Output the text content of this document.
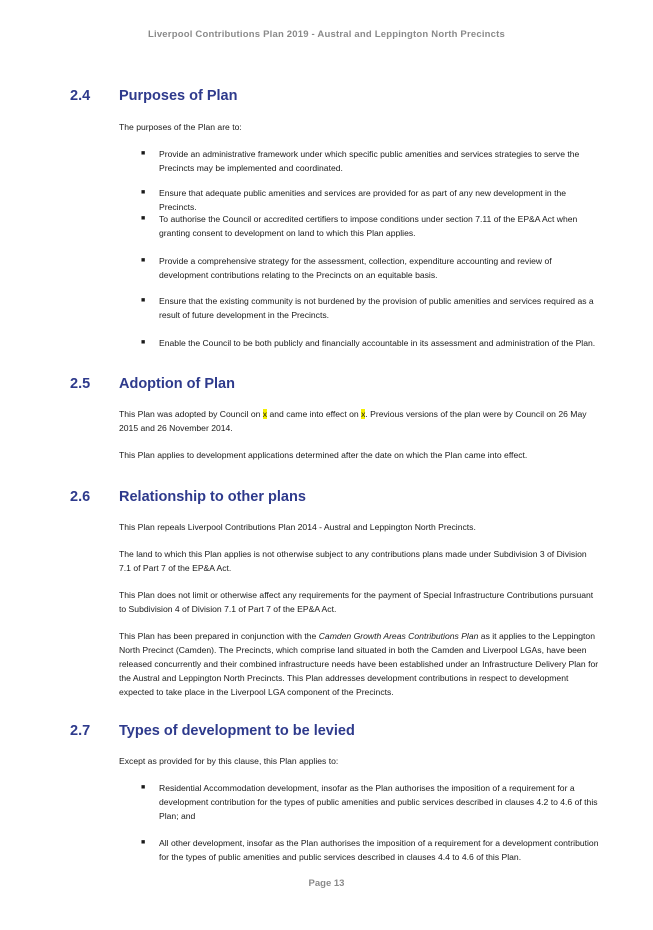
Liverpool Contributions Plan 2019 - Austral and Leppington North Precincts
2.4 Purposes of Plan
The purposes of the Plan are to:
■ Provide an administrative framework under which specific public amenities and services strategies to serve the Precincts may be implemented and coordinated.
■ Ensure that adequate public amenities and services are provided for as part of any new development in the Precincts.
■ To authorise the Council or accredited certifiers to impose conditions under section 7.11 of the EP&A Act when granting consent to development on land to which this Plan applies.
■ Provide a comprehensive strategy for the assessment, collection, expenditure accounting and review of development contributions relating to the Precincts on an equitable basis.
■ Ensure that the existing community is not burdened by the provision of public amenities and services required as a result of future development in the Precincts.
■ Enable the Council to be both publicly and financially accountable in its assessment and administration of the Plan.
2.5 Adoption of Plan
This Plan was adopted by Council on x and came into effect on x. Previous versions of the plan were by Council on 26 May 2015 and 26 November 2014.
This Plan applies to development applications determined after the date on which the Plan came into effect.
2.6 Relationship to other plans
This Plan repeals Liverpool Contributions Plan 2014 - Austral and Leppington North Precincts.
The land to which this Plan applies is not otherwise subject to any contributions plans made under Subdivision 3 of Division 7.1 of Part 7 of the EP&A Act.
This Plan does not limit or otherwise affect any requirements for the payment of Special Infrastructure Contributions pursuant to Subdivision 4 of Division 7.1 of Part 7 of the EP&A Act.
This Plan has been prepared in conjunction with the Camden Growth Areas Contributions Plan as it applies to the Leppington North Precinct (Camden). The Precincts, which comprise land situated in both the Camden and Liverpool LGAs, have been released concurrently and their combined infrastructure needs have been established under an Infrastructure Delivery Plan for the Austral and Leppington North Precincts. This Plan addresses development contributions in respect to development expected to take place in the Liverpool LGA component of the Precincts.
2.7 Types of development to be levied
Except as provided for by this clause, this Plan applies to:
■ Residential Accommodation development, insofar as the Plan authorises the imposition of a requirement for a development contribution for the types of public amenities and public services described in clauses 4.2 to 4.6 of this Plan; and
■ All other development, insofar as the Plan authorises the imposition of a requirement for a development contribution for the types of public amenities and public services described in clauses 4.4 to 4.6 of this Plan.
Page 13
